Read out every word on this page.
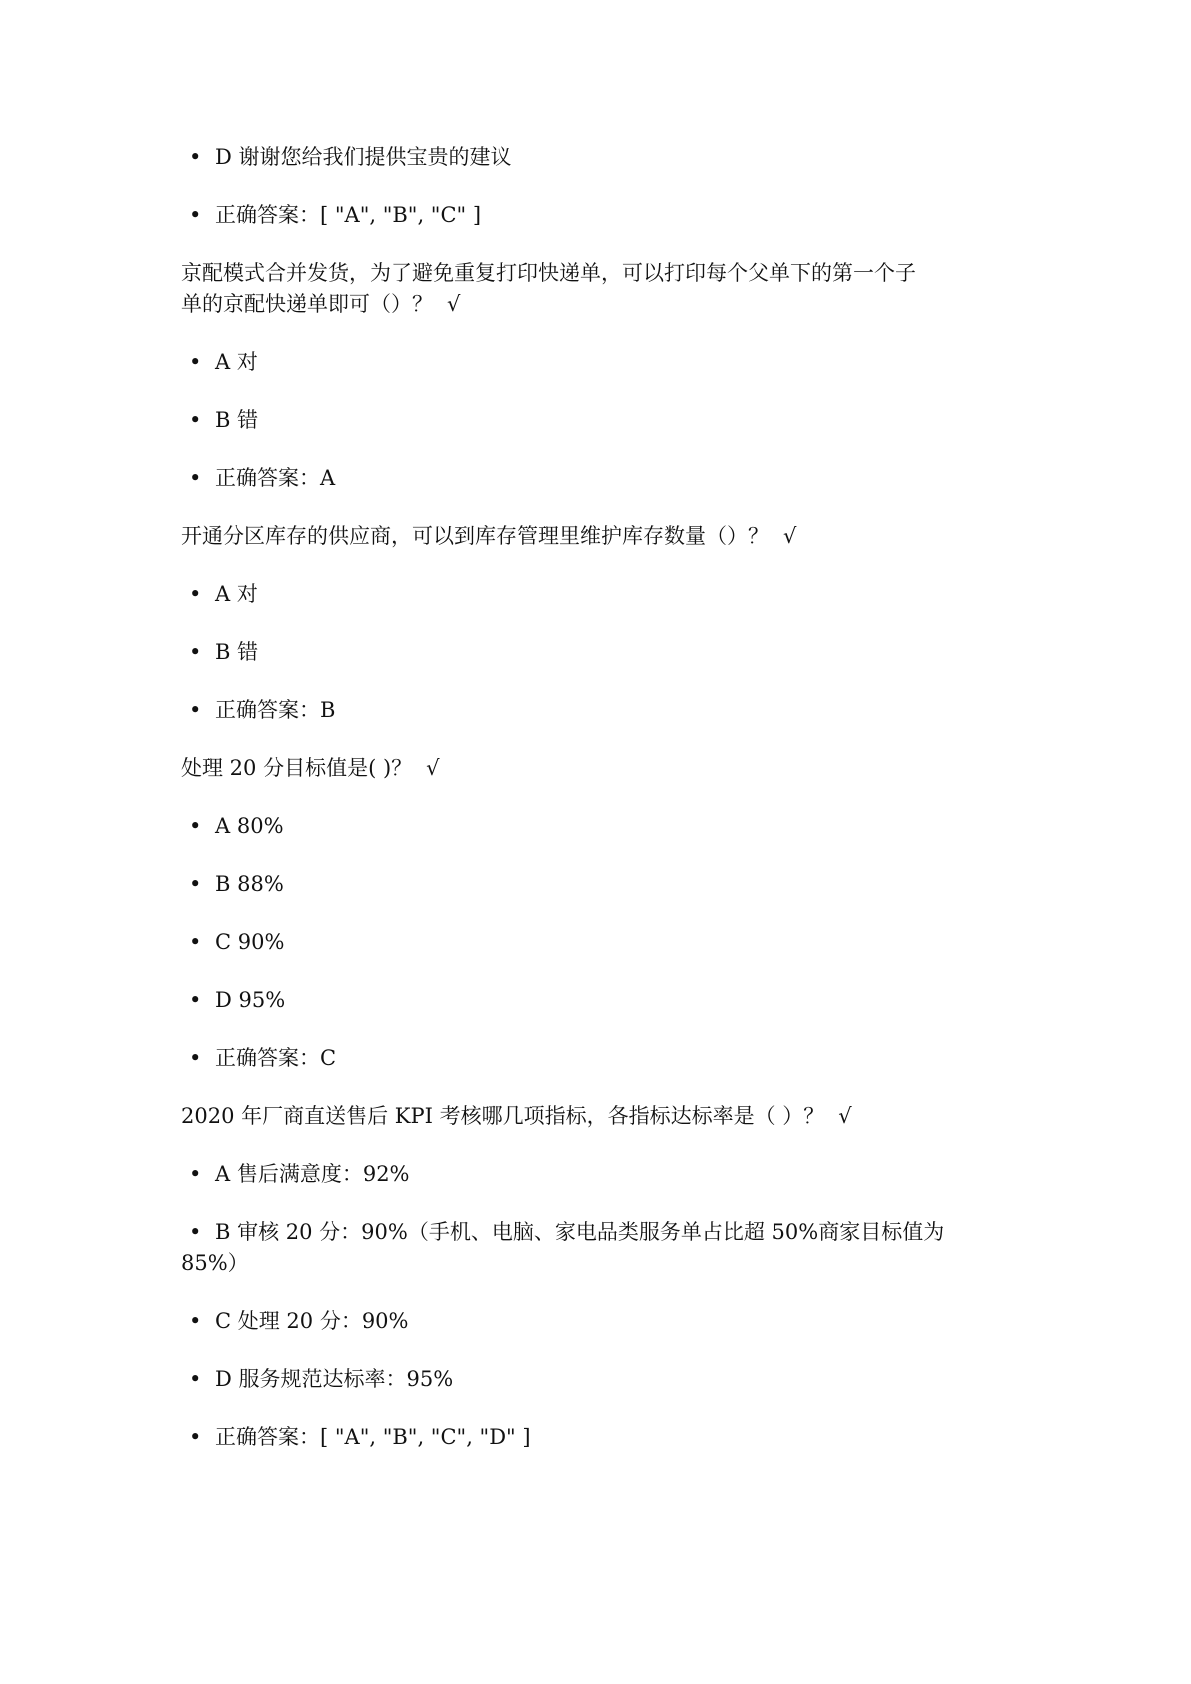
• D 谢谢您给我们提供宝贵的建议
• 正确答案：[ "A", "B", "C" ]
京配模式合并发货，为了避免重复打印快递单，可以打印每个父单下的第一个子
单的京配快递单即可（）？ √
• A 对
• B 错
• 正确答案：A
开通分区库存的供应商，可以到库存管理里维护库存数量（）？ √
• A 对
• B 错
• 正确答案：B
处理 20 分目标值是( )？ √
• A 80%
• B 88%
• C 90%
• D 95%
• 正确答案：C
2020 年厂商直送售后 KPI 考核哪几项指标，各指标达标率是（ ）？ √
• A 售后满意度：92%
• B 审核 20 分：90%（手机、电脑、家电品类服务单占比超 50%商家目标值为
85%）
• C 处理 20 分：90%
• D 服务规范达标率：95%
• 正确答案：[ "A", "B", "C", "D" ]
